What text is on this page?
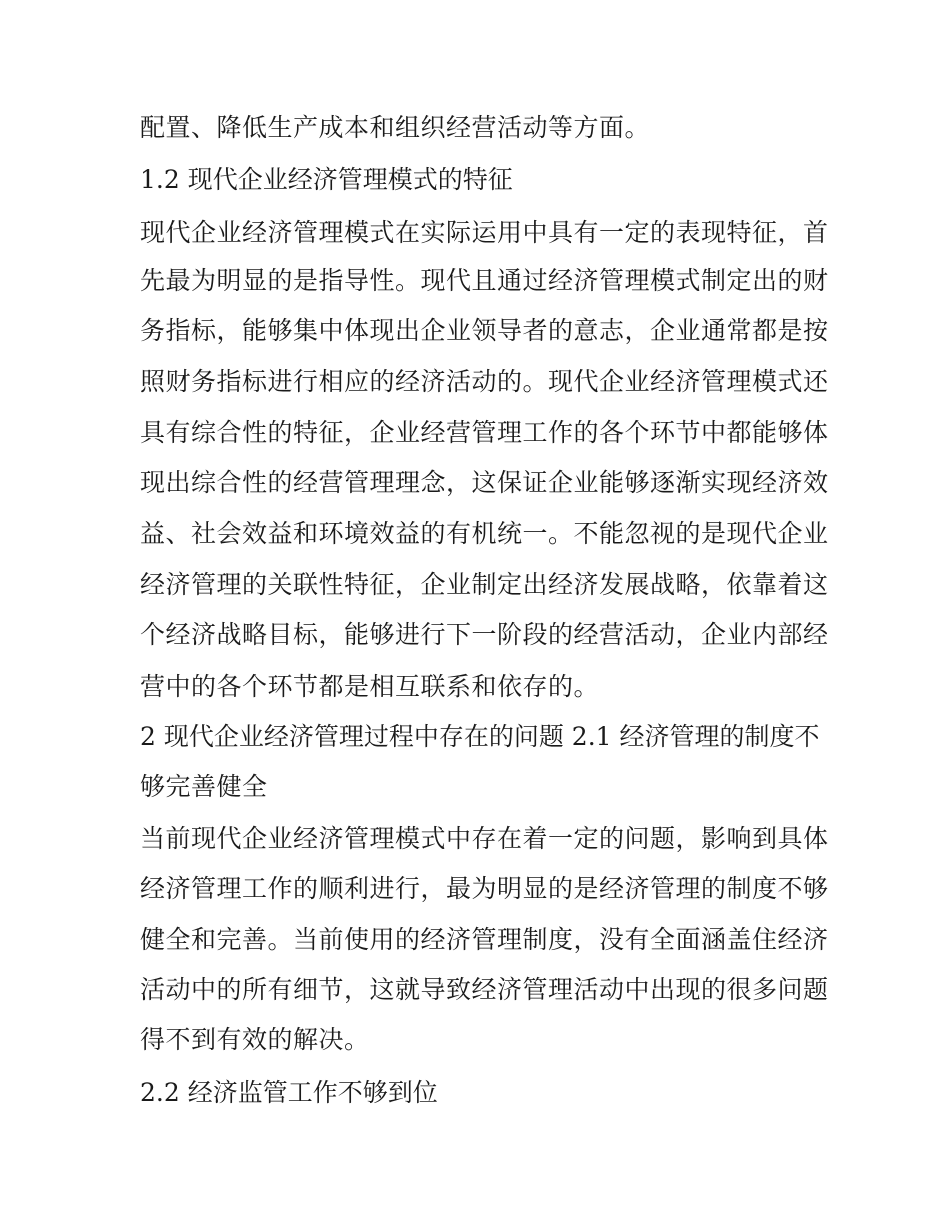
配置、降低生产成本和组织经营活动等方面。
1.2 现代企业经济管理模式的特征
现代企业经济管理模式在实际运用中具有一定的表现特征，首
先最为明显的是指导性。现代且通过经济管理模式制定出的财
务指标，能够集中体现出企业领导者的意志，企业通常都是按
照财务指标进行相应的经济活动的。现代企业经济管理模式还
具有综合性的特征，企业经营管理工作的各个环节中都能够体
现出综合性的经营管理理念，这保证企业能够逐渐实现经济效
益、社会效益和环境效益的有机统一。不能忽视的是现代企业
经济管理的关联性特征，企业制定出经济发展战略，依靠着这
个经济战略目标，能够进行下一阶段的经营活动，企业内部经
营中的各个环节都是相互联系和依存的。
2 现代企业经济管理过程中存在的问题 2.1 经济管理的制度不
够完善健全
当前现代企业经济管理模式中存在着一定的问题，影响到具体
经济管理工作的顺利进行，最为明显的是经济管理的制度不够
健全和完善。当前使用的经济管理制度，没有全面涵盖住经济
活动中的所有细节，这就导致经济管理活动中出现的很多问题
得不到有效的解决。
2.2 经济监管工作不够到位
